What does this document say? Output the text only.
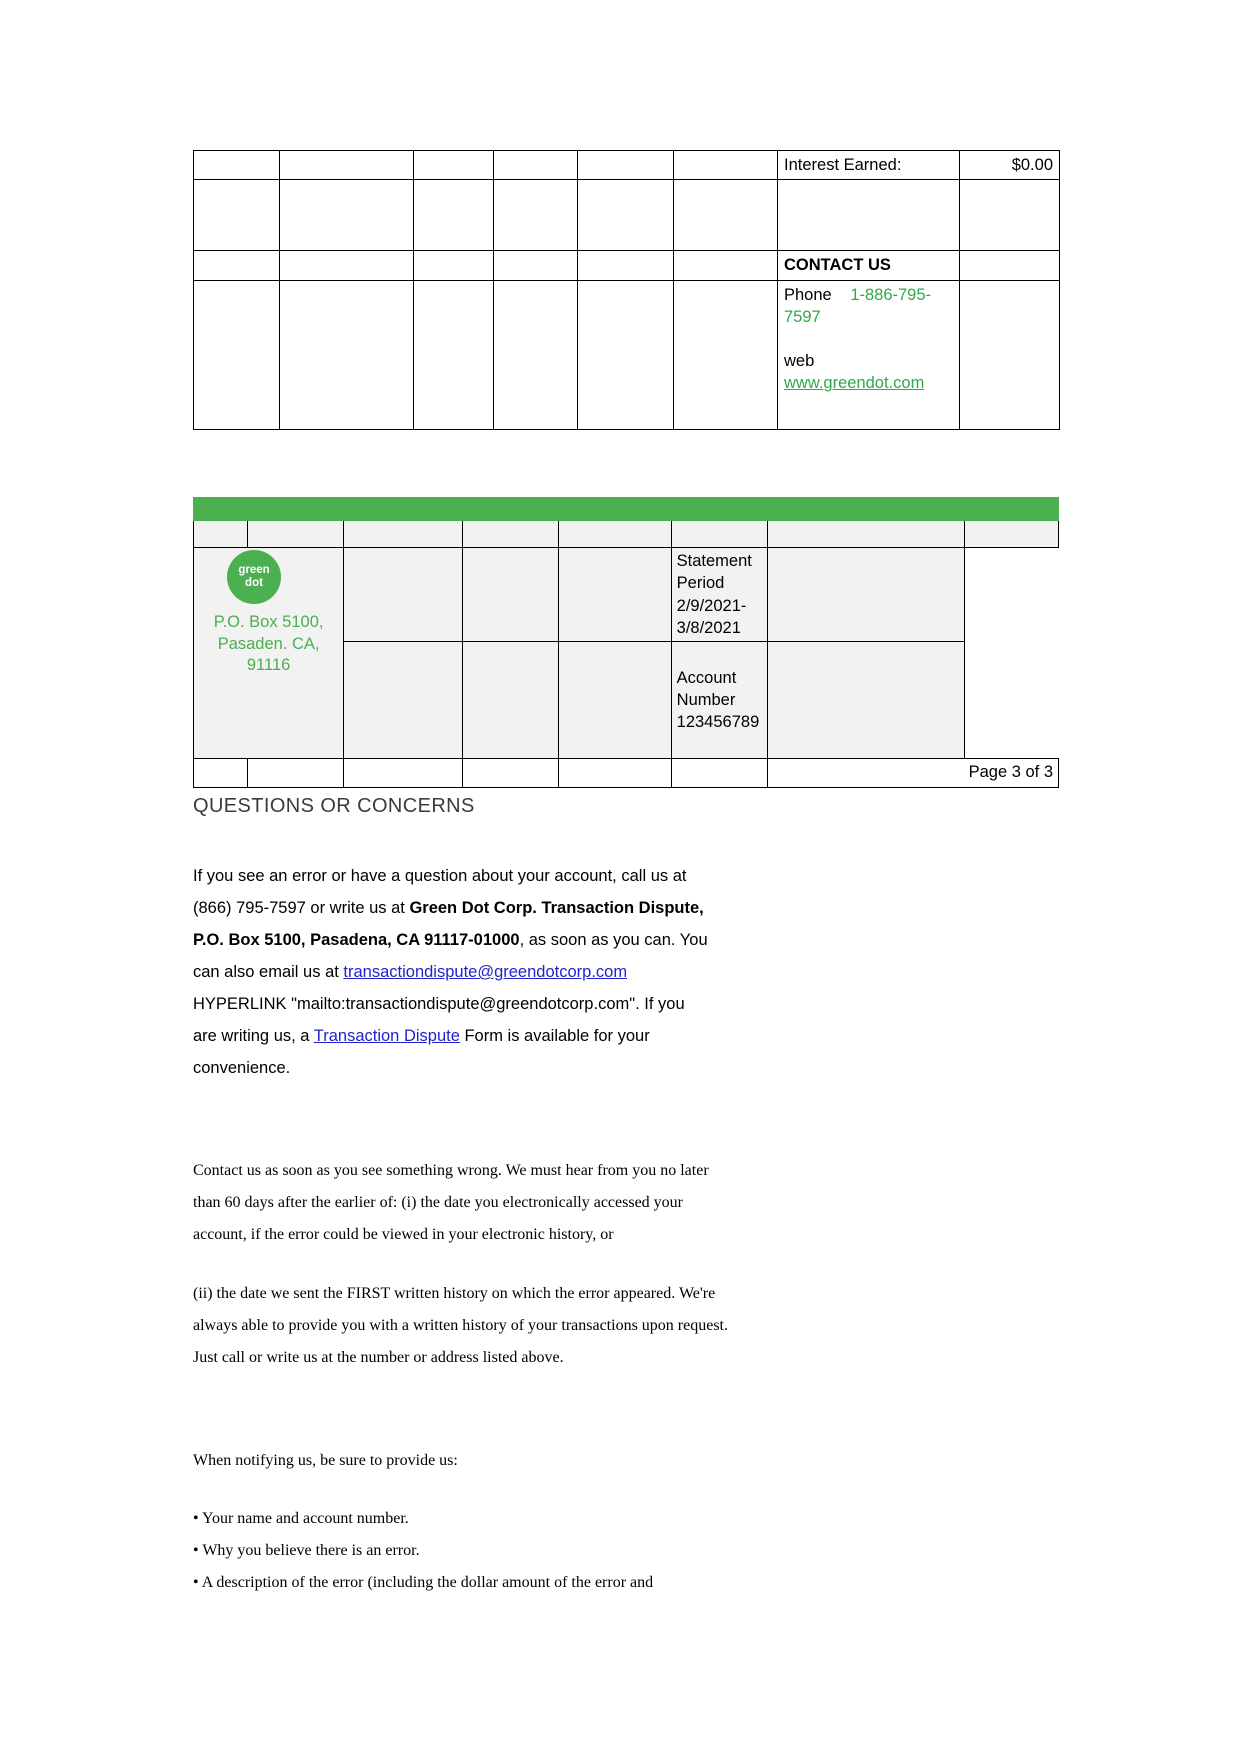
						Interest Earned:	$0.00

						CONTACT US	
						Phone 1-886-795-7597
web
www.greendot.com	

green
dot
P.O. Box 5100,
Pasaden. CA, 91116

Statement Period
2/9/2021-3/8/2021

					Account Number
123456789		

						Page 3 of 3	
QUESTIONS OR CONCERNS
If you see an error or have a question about your account, call us at (866) 795-7597 or write us at Green Dot Corp. Transaction Dispute, P.O. Box 5100, Pasadena, CA 91117-01000, as soon as you can. You can also email us at transactiondispute@greendotcorp.com HYPERLINK "mailto:transactiondispute@greendotcorp.com". If you are writing us, a Transaction Dispute Form is available for your convenience.
Contact us as soon as you see something wrong. We must hear from you no later than 60 days after the earlier of: (i) the date you electronically accessed your account, if the error could be viewed in your electronic history, or
(ii) the date we sent the FIRST written history on which the error appeared. We're always able to provide you with a written history of your transactions upon request. Just call or write us at the number or address listed above.
When notifying us, be sure to provide us:
• Your name and account number.
• Why you believe there is an error.
• A description of the error (including the dollar amount of the error and
